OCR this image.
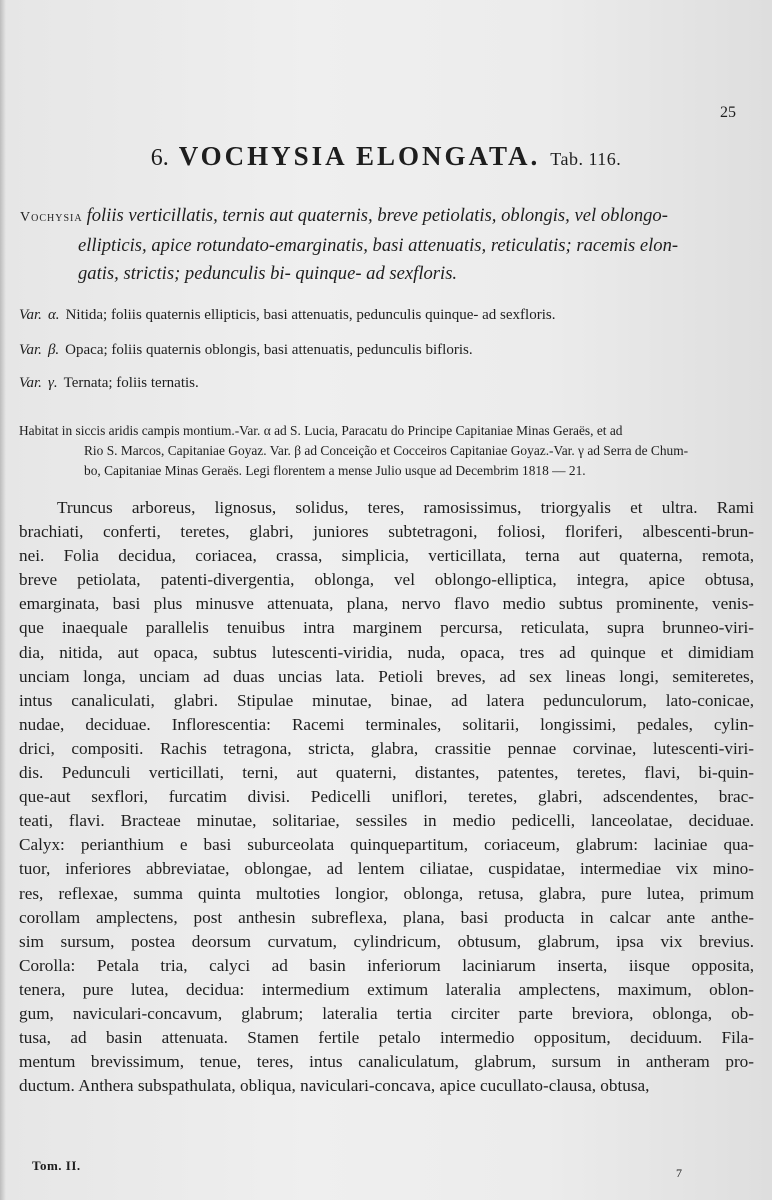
25
6. VOCHYSIA ELONGATA. Tab. 116.
Vochysia foliis verticillatis, ternis aut quaternis, breve petiolatis, oblongis, vel oblongo-
ellipticis, apice rotundato-emarginatis, basi attenuatis, reticulatis; racemis elon-
gatis, strictis; pedunculis bi- quinque- ad sexfloris.
Var. α. Nitida; foliis quaternis ellipticis, basi attenuatis, pedunculis quinque- ad sexfloris.
Var. β. Opaca; foliis quaternis oblongis, basi attenuatis, pedunculis bifloris.
Var. γ. Ternata; foliis ternatis.
Habitat in siccis aridis campis montium.-Var. α ad S. Lucia, Paracatu do Principe Capitaniae Minas Geraës, et ad
Rio S. Marcos, Capitaniae Goyaz. Var. β ad Conceição et Cocceiros Capitaniae Goyaz.-Var. γ ad Serra de Chum-
bo, Capitaniae Minas Geraës. Legi florentem a mense Julio usque ad Decembrim 1818 — 21.
Truncus arboreus, lignosus, solidus, teres, ramosissimus, triorgyalis et ultra. Rami
brachiati, conferti, teretes, glabri, juniores subtetragoni, foliosi, floriferi, albescenti-brun-
nei. Folia decidua, coriacea, crassa, simplicia, verticillata, terna aut quaterna, remota,
breve petiolata, patenti-divergentia, oblonga, vel oblongo-elliptica, integra, apice obtusa,
emarginata, basi plus minusve attenuata, plana, nervo flavo medio subtus prominente, venis-
que inaequale parallelis tenuibus intra marginem percursa, reticulata, supra brunneo-viri-
dia, nitida, aut opaca, subtus lutescenti-viridia, nuda, opaca, tres ad quinque et dimidiam
unciam longa, unciam ad duas uncias lata. Petioli breves, ad sex lineas longi, semiteretes,
intus canaliculati, glabri. Stipulae minutae, binae, ad latera pedunculorum, lato-conicae,
nudae, deciduae. Inflorescentia: Racemi terminales, solitarii, longissimi, pedales, cylin-
drici, compositi. Rachis tetragona, stricta, glabra, crassitie pennae corvinae, lutescenti-viri-
dis. Pedunculi verticillati, terni, aut quaterni, distantes, patentes, teretes, flavi, bi-quin-
que-aut sexflori, furcatim divisi. Pedicelli uniflori, teretes, glabri, adscendentes, brac-
teati, flavi. Bracteae minutae, solitariae, sessiles in medio pedicelli, lanceolatae, deciduae.
Calyx: perianthium e basi suburceolata quinquepartitum, coriaceum, glabrum: laciniae qua-
tuor, inferiores abbreviatae, oblongae, ad lentem ciliatae, cuspidatae, intermediae vix mino-
res, reflexae, summa quinta multoties longior, oblonga, retusa, glabra, pure lutea, primum
corollam amplectens, post anthesin subreflexa, plana, basi producta in calcar ante anthe-
sim sursum, postea deorsum curvatum, cylindricum, obtusum, glabrum, ipsa vix brevius.
Corolla: Petala tria, calyci ad basin inferiorum laciniarum inserta, iisque opposita,
tenera, pure lutea, decidua: intermedium extimum lateralia amplectens, maximum, oblon-
gum, naviculari-concavum, glabrum; lateralia tertia circiter parte breviora, oblonga, ob-
tusa, ad basin attenuata. Stamen fertile petalo intermedio oppositum, deciduum. Fila-
mentum brevissimum, tenue, teres, intus canaliculatum, glabrum, sursum in antheram pro-
ductum. Anthera subspathulata, obliqua, naviculari-concava, apice cucullato-clausa, obtusa,
Tom. II.	7
